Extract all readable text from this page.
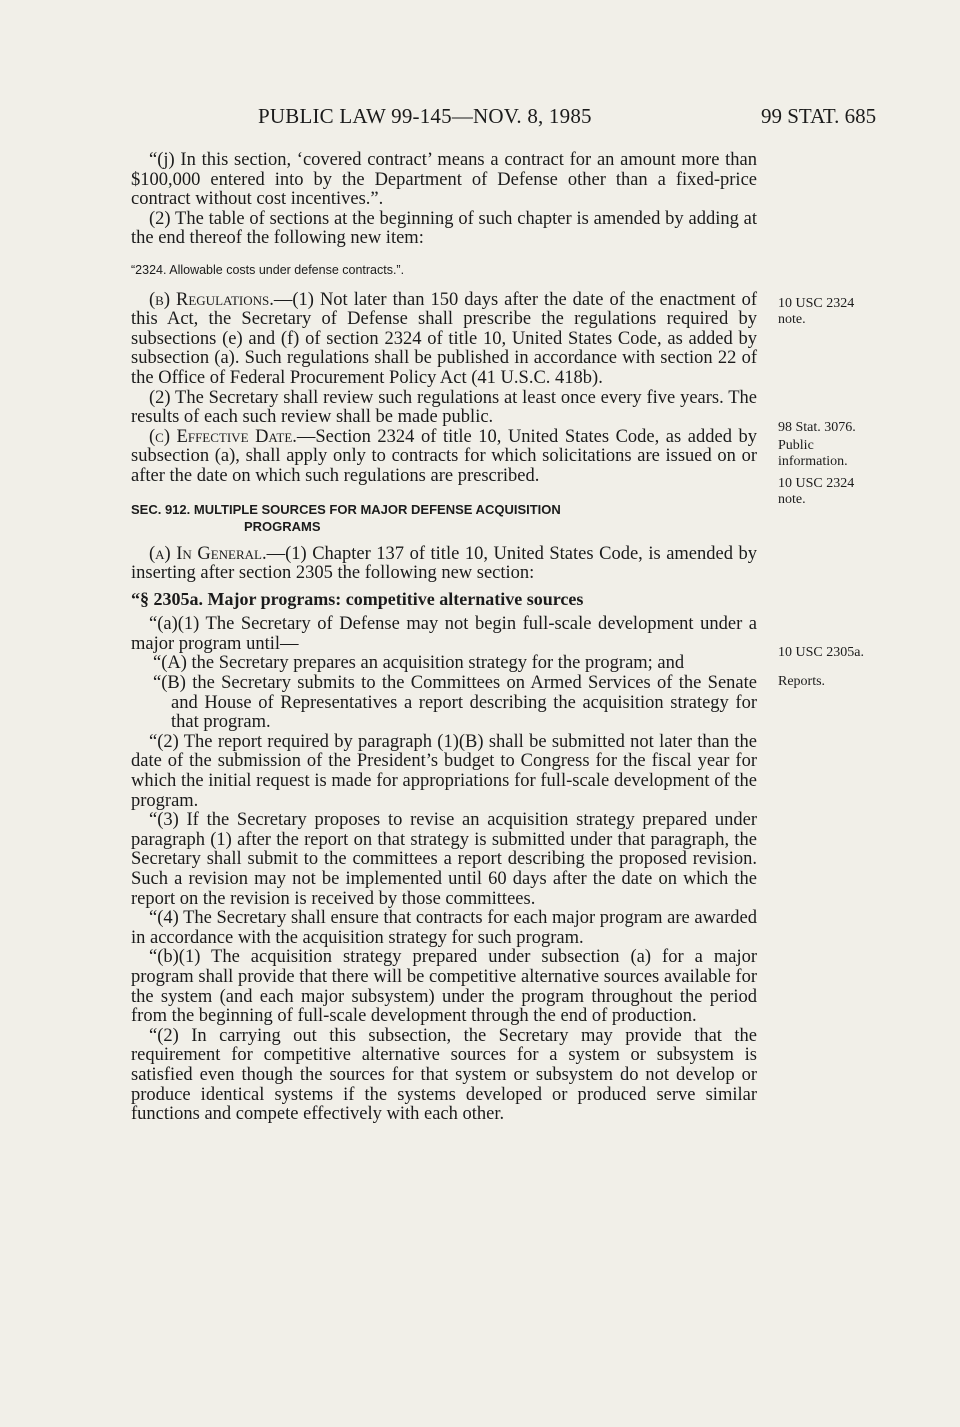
PUBLIC LAW 99-145—NOV. 8, 1985	99 STAT. 685

“(j) In this section, ‘covered contract’ means a contract for an amount more than $100,000 entered into by the Department of Defense other than a fixed-price contract without cost incentives.”.

(2) The table of sections at the beginning of such chapter is amended by adding at the end thereof the following new item:

“2324. Allowable costs under defense contracts.”.

(b) Regulations.—(1) Not later than 150 days after the date of the enactment of this Act, the Secretary of Defense shall prescribe the regulations required by subsections (e) and (f) of section 2324 of title 10, United States Code, as added by subsection (a). Such regulations shall be published in accordance with section 22 of the Office of Federal Procurement Policy Act (41 U.S.C. 418b).

(2) The Secretary shall review such regulations at least once every five years. The results of each such review shall be made public.

(c) Effective Date.—Section 2324 of title 10, United States Code, as added by subsection (a), shall apply only to contracts for which solicitations are issued on or after the date on which such regulations are prescribed.

SEC. 912. MULTIPLE SOURCES FOR MAJOR DEFENSE ACQUISITION
PROGRAMS

(a) In General.—(1) Chapter 137 of title 10, United States Code, is amended by inserting after section 2305 the following new section:

“§ 2305a. Major programs: competitive alternative sources

“(a)(1) The Secretary of Defense may not begin full-scale development under a major program until—

“(A) the Secretary prepares an acquisition strategy for the program; and

“(B) the Secretary submits to the Committees on Armed Services of the Senate and House of Representatives a report describing the acquisition strategy for that program.

“(2) The report required by paragraph (1)(B) shall be submitted not later than the date of the submission of the President’s budget to Congress for the fiscal year for which the initial request is made for appropriations for full-scale development of the program.

“(3) If the Secretary proposes to revise an acquisition strategy prepared under paragraph (1) after the report on that strategy is submitted under that paragraph, the Secretary shall submit to the committees a report describing the proposed revision. Such a revision may not be implemented until 60 days after the date on which the report on the revision is received by those committees.

“(4) The Secretary shall ensure that contracts for each major program are awarded in accordance with the acquisition strategy for such program.

“(b)(1) The acquisition strategy prepared under subsection (a) for a major program shall provide that there will be competitive alternative sources available for the system (and each major subsystem) under the program throughout the period from the beginning of full-scale development through the end of production.

“(2) In carrying out this subsection, the Secretary may provide that the requirement for competitive alternative sources for a system or subsystem is satisfied even though the sources for that system or subsystem do not develop or produce identical systems if the systems developed or produced serve similar functions and compete effectively with each other.

10 USC 2324
note.
98 Stat. 3076.
Public
information.
10 USC 2324
note.
10 USC 2305a.
Reports.
